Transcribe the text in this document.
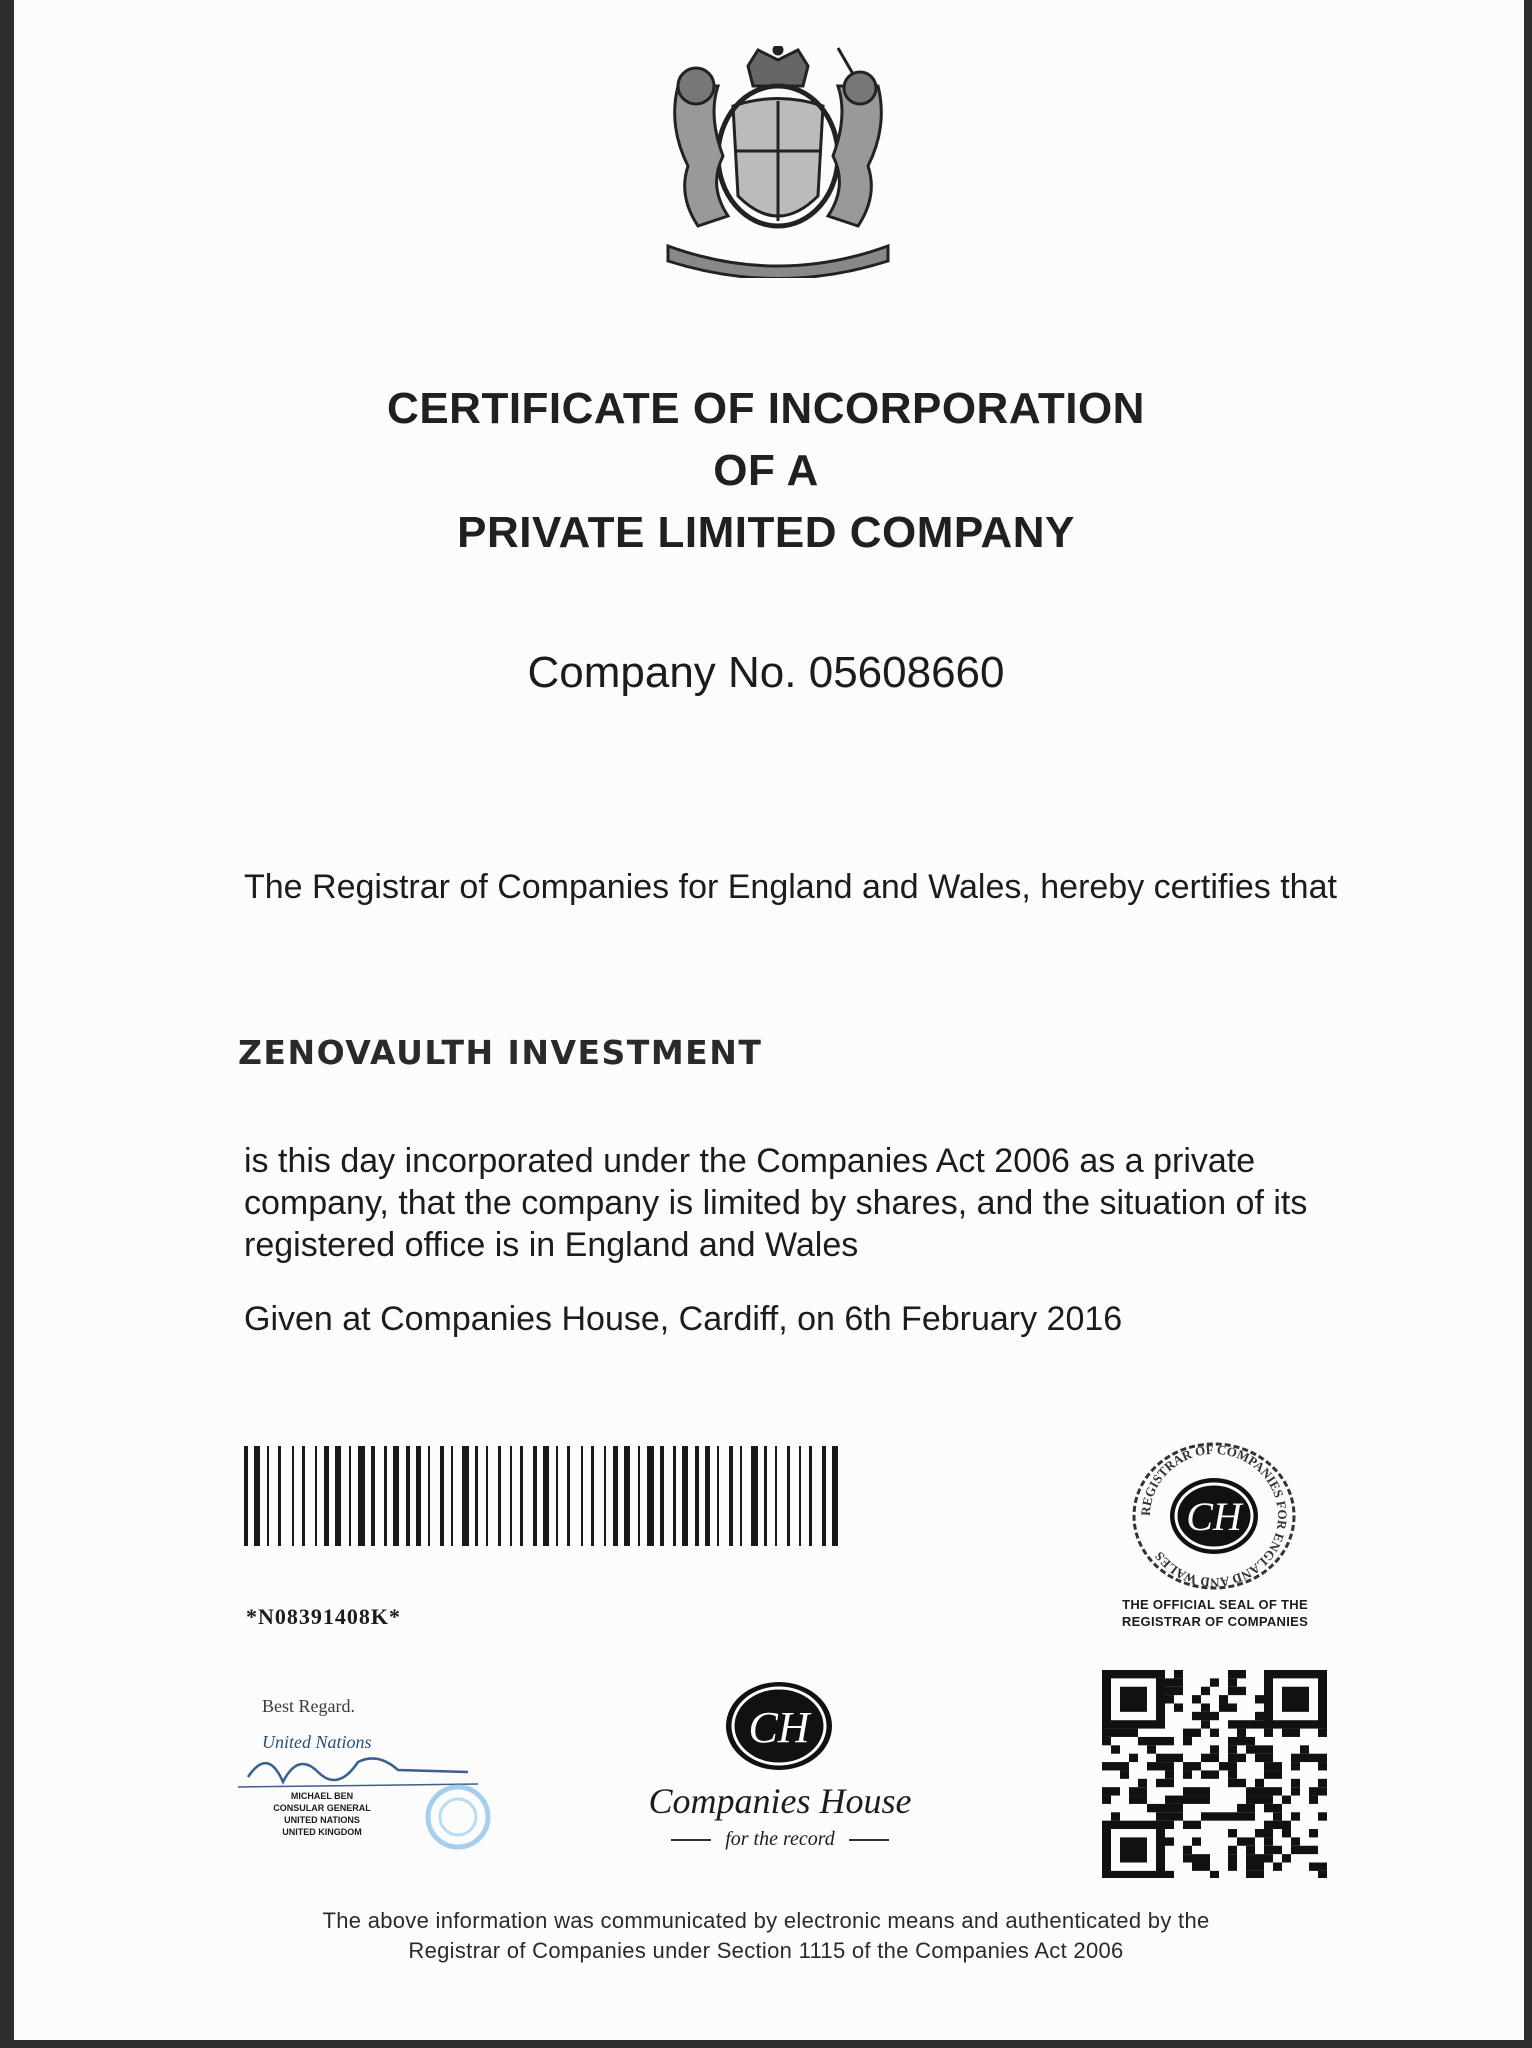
CERTIFICATE OF INCORPORATION
OF A
PRIVATE LIMITED COMPANY
Company No. 05608660
The Registrar of Companies for England and Wales, hereby certifies that
ZENOVAULTH INVESTMENT
is this day incorporated under the Companies Act 2006 as a private company, that the company is limited by shares, and the situation of its registered office is in England and Wales
Given at Companies House, Cardiff, on 6th February 2016
*N08391408K*
REGISTRAR OF COMPANIES FOR ENGLAND AND WALES
CH
THE OFFICIAL SEAL OF THE REGISTRAR OF COMPANIES
Best Regard.
United Nations
MICHAEL BEN
CONSULAR GENERAL
UNITED NATIONS
UNITED KINGDOM
CH
Companies House
for the record
The above information was communicated by electronic means and authenticated by the
Registrar of Companies under Section 1115 of the Companies Act 2006
